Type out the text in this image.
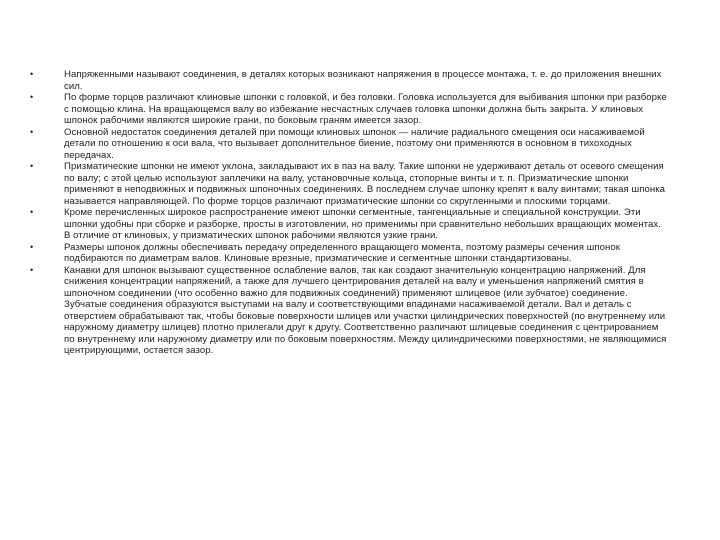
•	Напряженными называют соединения, в деталях которых возникают напряжения в процессе монтажа, т. е. до приложения внешних сил.
•	По форме торцов различают клиновые шпонки с головкой, и без головки. Головка используется для выбивания шпонки при разборке с помощью клина. На вращающемся валу во избежание несчастных случаев головка шпонки должна быть закрыта. У клиновых шпонок рабочими являются широкие грани, по боковым граням имеется зазор.
•	Основной недостаток соединения деталей при помощи клиновых шпонок — наличие радиального смещения оси насаживаемой детали по отношению к оси вала, что вызывает дополнительное биение, поэтому они применяются в основном в тихоходных передачах.
•	Призматические шпонки не имеют уклона, закладывают их в паз на валу. Такие шпонки не удерживают деталь от осевого смещения по валу; с этой целью используют заплечики на валу, установочные кольца, стопорные винты и т. п. Призматические шпонки применяют в неподвижных и подвижных шпоночных соединениях. В последнем случае шпонку крепят к валу винтами; такая шпонка называется направляющей. По форме торцов различают призматические шпонки со скругленными и плоскими торцами.
•	Кроме перечисленных широкое распространение имеют шпонки сегментные, тангенциальные и специальной конструкции. Эти шпонки удобны при сборке и разборке, просты в изготовлении, но применимы при сравнительно небольших вращающих моментах. В отличие от клиновых, у призматических шпонок рабочими являются узкие грани.
•	Размеры шпонок должны обеспечивать передачу определенного вращающего момента, поэтому размеры сечения шпонок подбираются по диаметрам валов. Клиновые врезные, призматические и сегментные шпонки стандартизованы.
•	Канавки для шпонок вызывают существенное ослабление валов, так как создают значительную концентрацию напряжений. Для снижения концентрации напряжений, а также для лучшего центрирования деталей на валу и уменьшения напряжений смятия в шпоночном соединении (что особенно важно для подвижных соединений) применяют шлицевое (или зубчатое) соединение. Зубчатые соединения образуются выступами на валу и соответствующими впадинами насаживаемой детали. Вал и деталь с отверстием обрабатывают так, чтобы боковые поверхности шлицев или участки цилиндрических поверхностей (по внутреннему или наружному диаметру шлицев) плотно прилегали друг к другу. Соответственно различают шлицевые соединения с центрированием по внутреннему или наружному диаметру или по боковым поверхностям. Между цилиндрическими поверхностями, не являющимися центрирующими, остается зазор.
